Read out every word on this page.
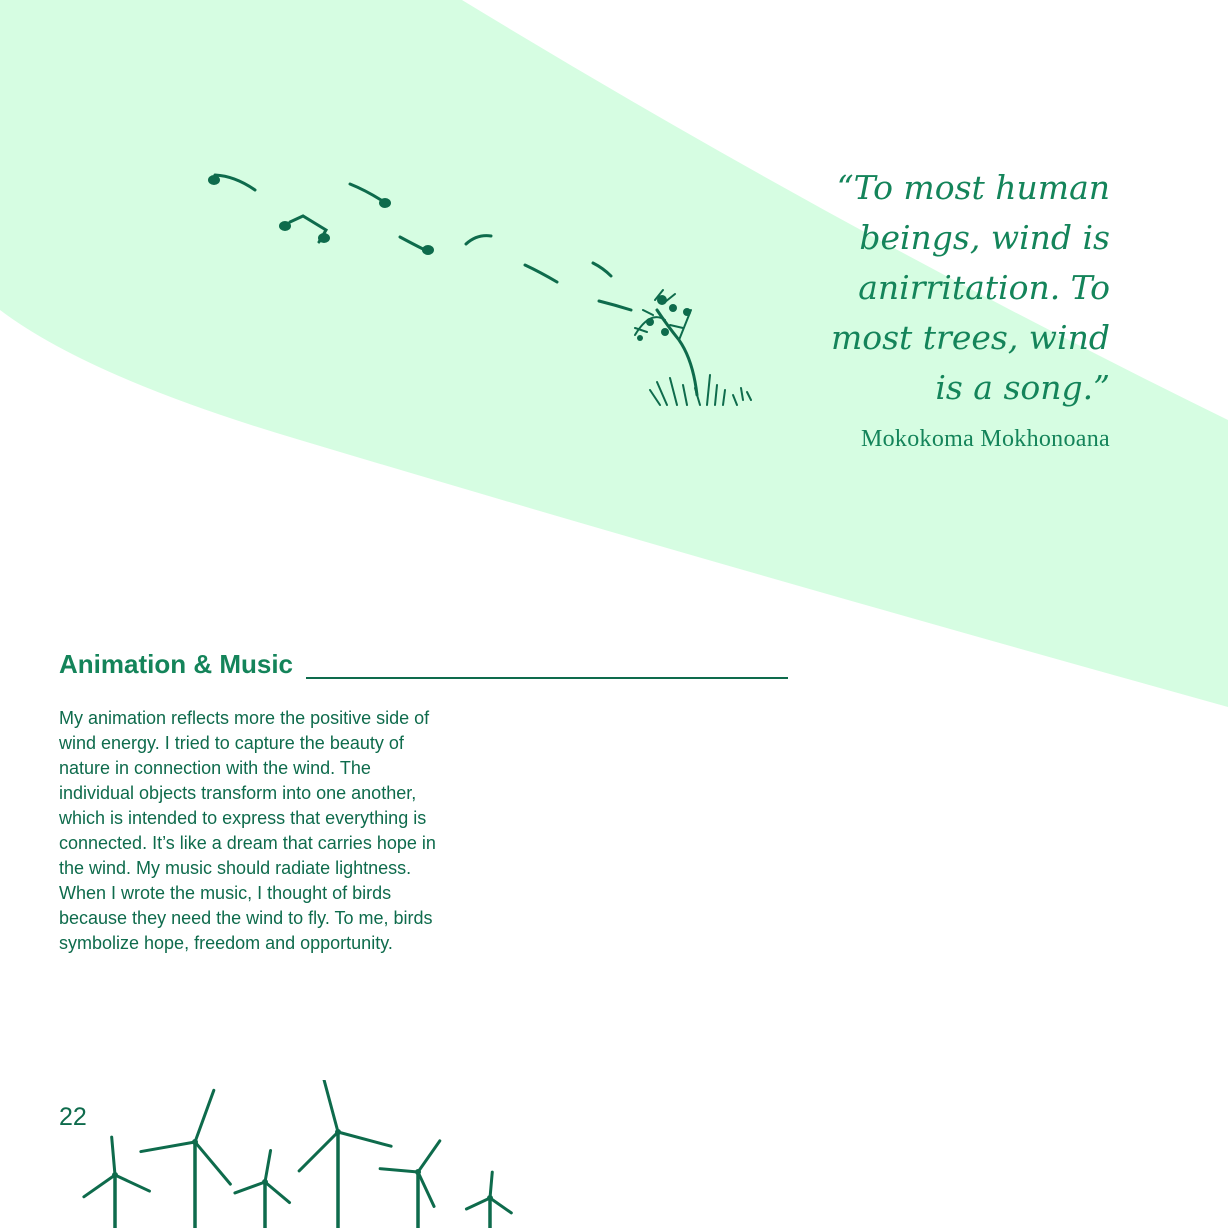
“To most human
beings, wind is
anirritation. To
most trees, wind
is a song.”
Mokokoma Mokhonoana
Animation & Music
My animation reflects more the positive side of wind energy. I tried to capture the beauty of nature in connection with the wind. The individual objects transform into one another, which is intended to express that everything is connected. It’s like a dream that carries hope in the wind. My music should radiate lightness. When I wrote the music, I thought of birds because they need the wind to fly. To me, birds symbolize hope, freedom and opportunity.
22
